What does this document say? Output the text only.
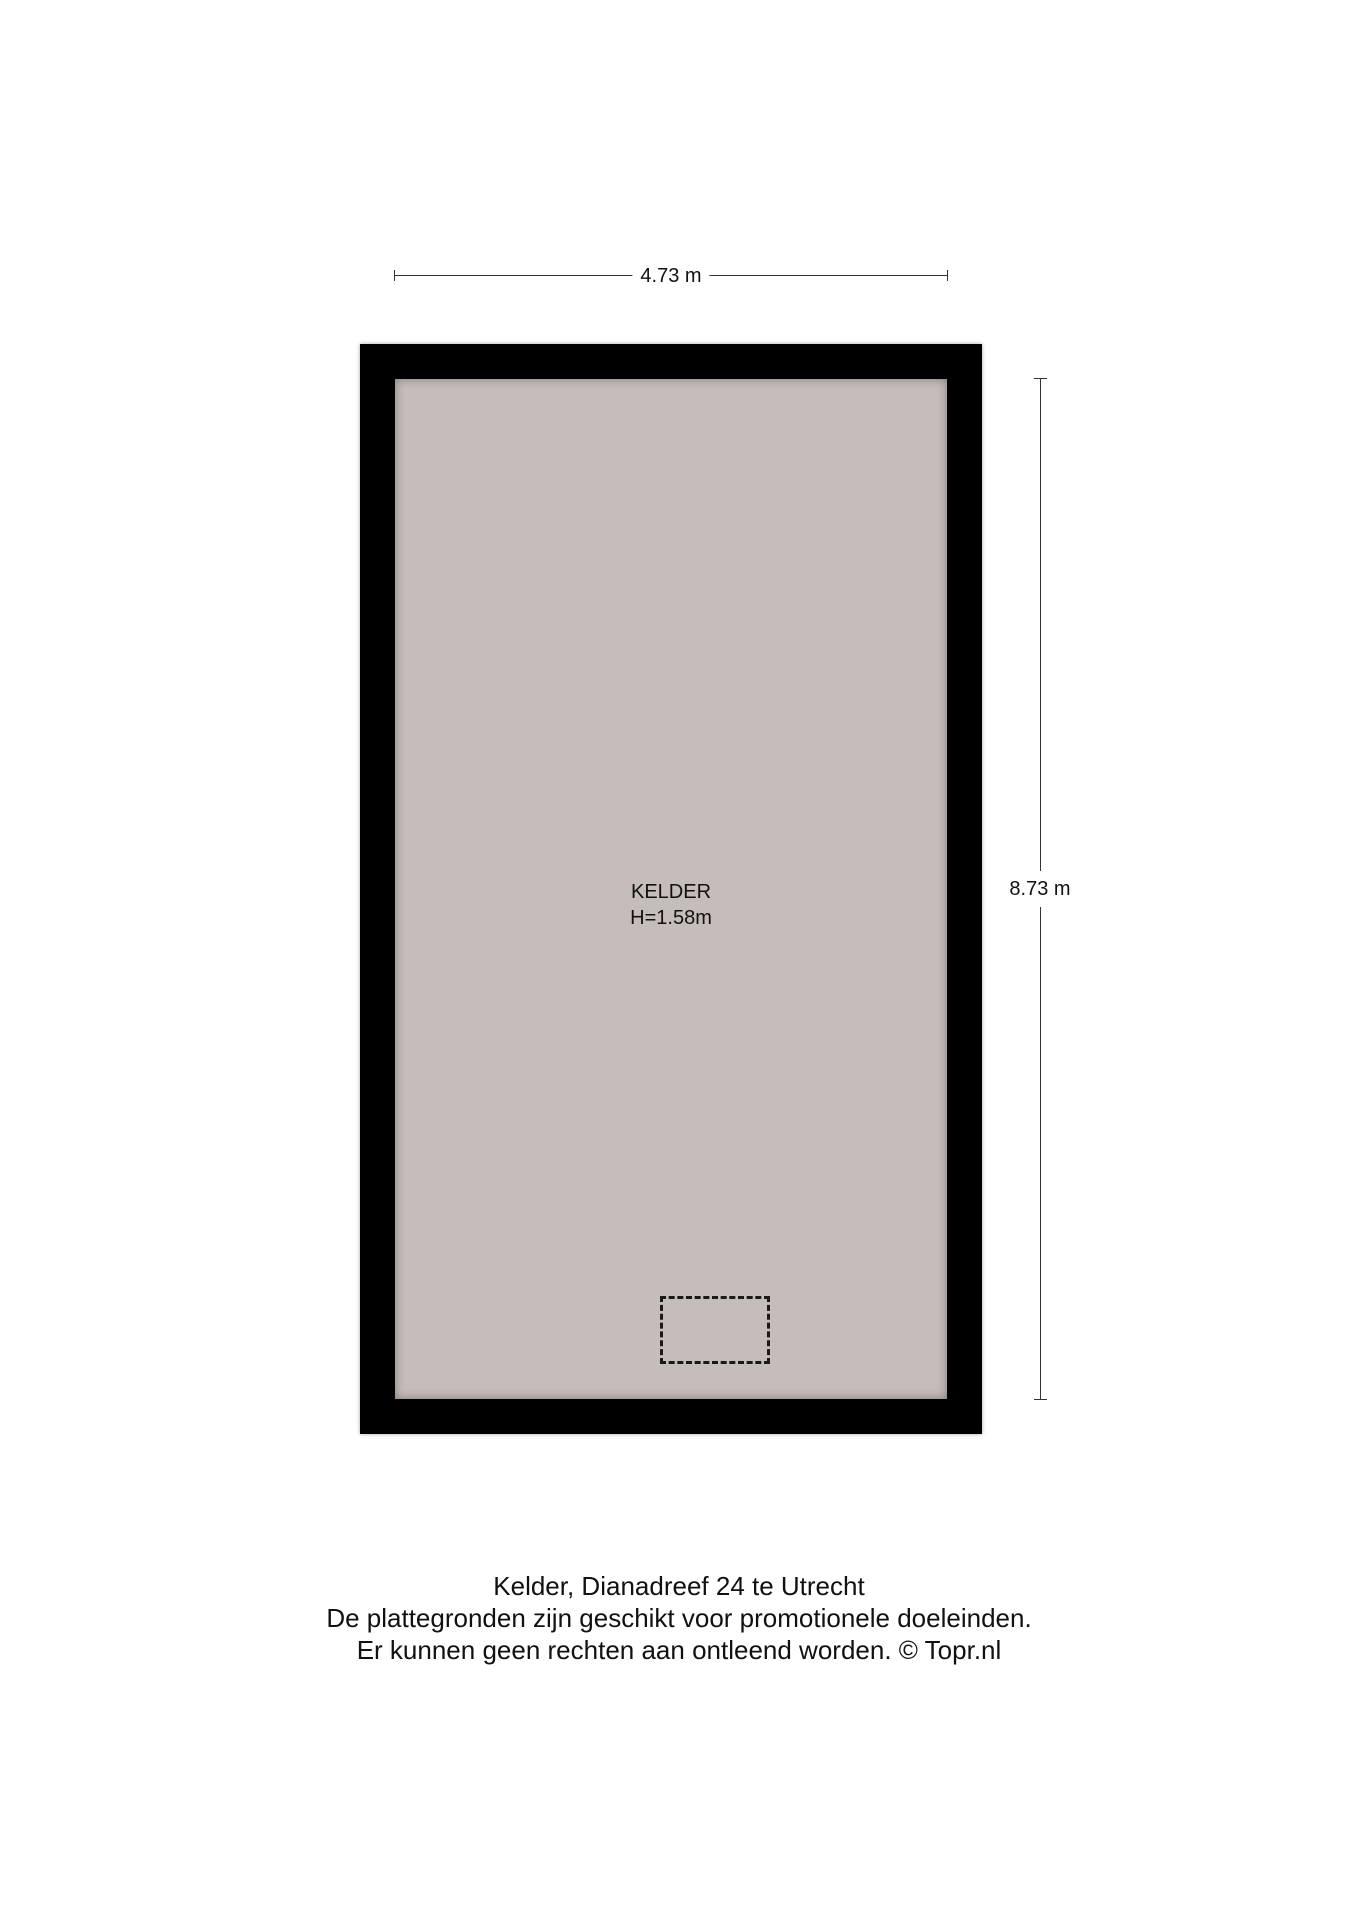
4.73 m
8.73 m
KELDER
H=1.58m
Kelder, Dianadreef 24 te Utrecht
De plattegronden zijn geschikt voor promotionele doeleinden.
Er kunnen geen rechten aan ontleend worden. © Topr.nl
